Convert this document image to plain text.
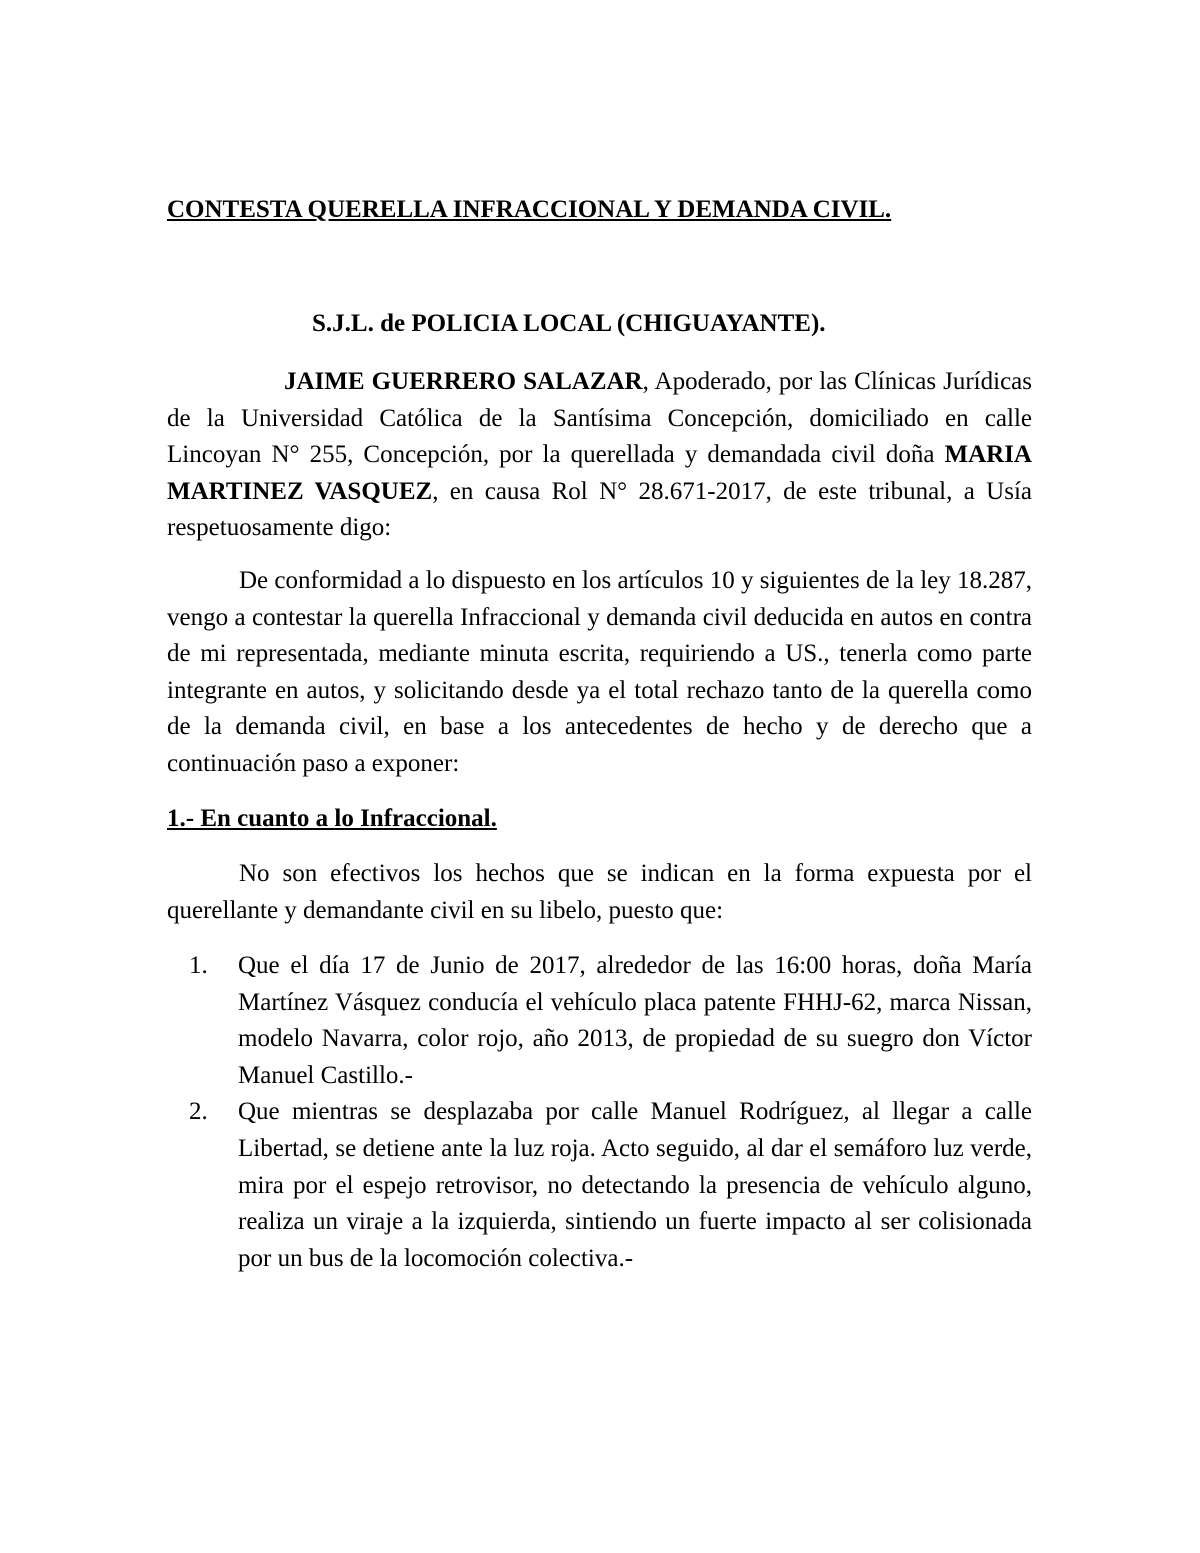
CONTESTA QUERELLA INFRACCIONAL Y DEMANDA CIVIL.
S.J.L. de POLICIA LOCAL (CHIGUAYANTE).

JAIME GUERRERO SALAZAR, Apoderado, por las Clínicas Jurídicas de la Universidad Católica de la Santísima Concepción, domiciliado en calle Lincoyan N° 255, Concepción, por la querellada y demandada civil doña MARIA MARTINEZ VASQUEZ, en causa Rol N° 28.671-2017, de este tribunal, a Usía respetuosamente digo:

De conformidad a lo dispuesto en los artículos 10 y siguientes de la ley 18.287, vengo a contestar la querella Infraccional y demanda civil deducida en autos en contra de mi representada, mediante minuta escrita, requiriendo a US., tenerla como parte integrante en autos, y solicitando desde ya el total rechazo tanto de la querella como de la demanda civil, en base a los antecedentes de hecho y de derecho que a continuación paso a exponer:

1.- En cuanto a lo Infraccional.

No son efectivos los hechos que se indican en la forma expuesta por el querellante y demandante civil en su libelo, puesto que:

1. Que el día 17 de Junio de 2017, alrededor de las 16:00 horas, doña María Martínez Vásquez conducía el vehículo placa patente FHHJ-62, marca Nissan, modelo Navarra, color rojo, año 2013, de propiedad de su suegro don Víctor Manuel Castillo.-
2. Que mientras se desplazaba por calle Manuel Rodríguez, al llegar a calle Libertad, se detiene ante la luz roja. Acto seguido, al dar el semáforo luz verde, mira por el espejo retrovisor, no detectando la presencia de vehículo alguno, realiza un viraje a la izquierda, sintiendo un fuerte impacto al ser colisionada por un bus de la locomoción colectiva.-
